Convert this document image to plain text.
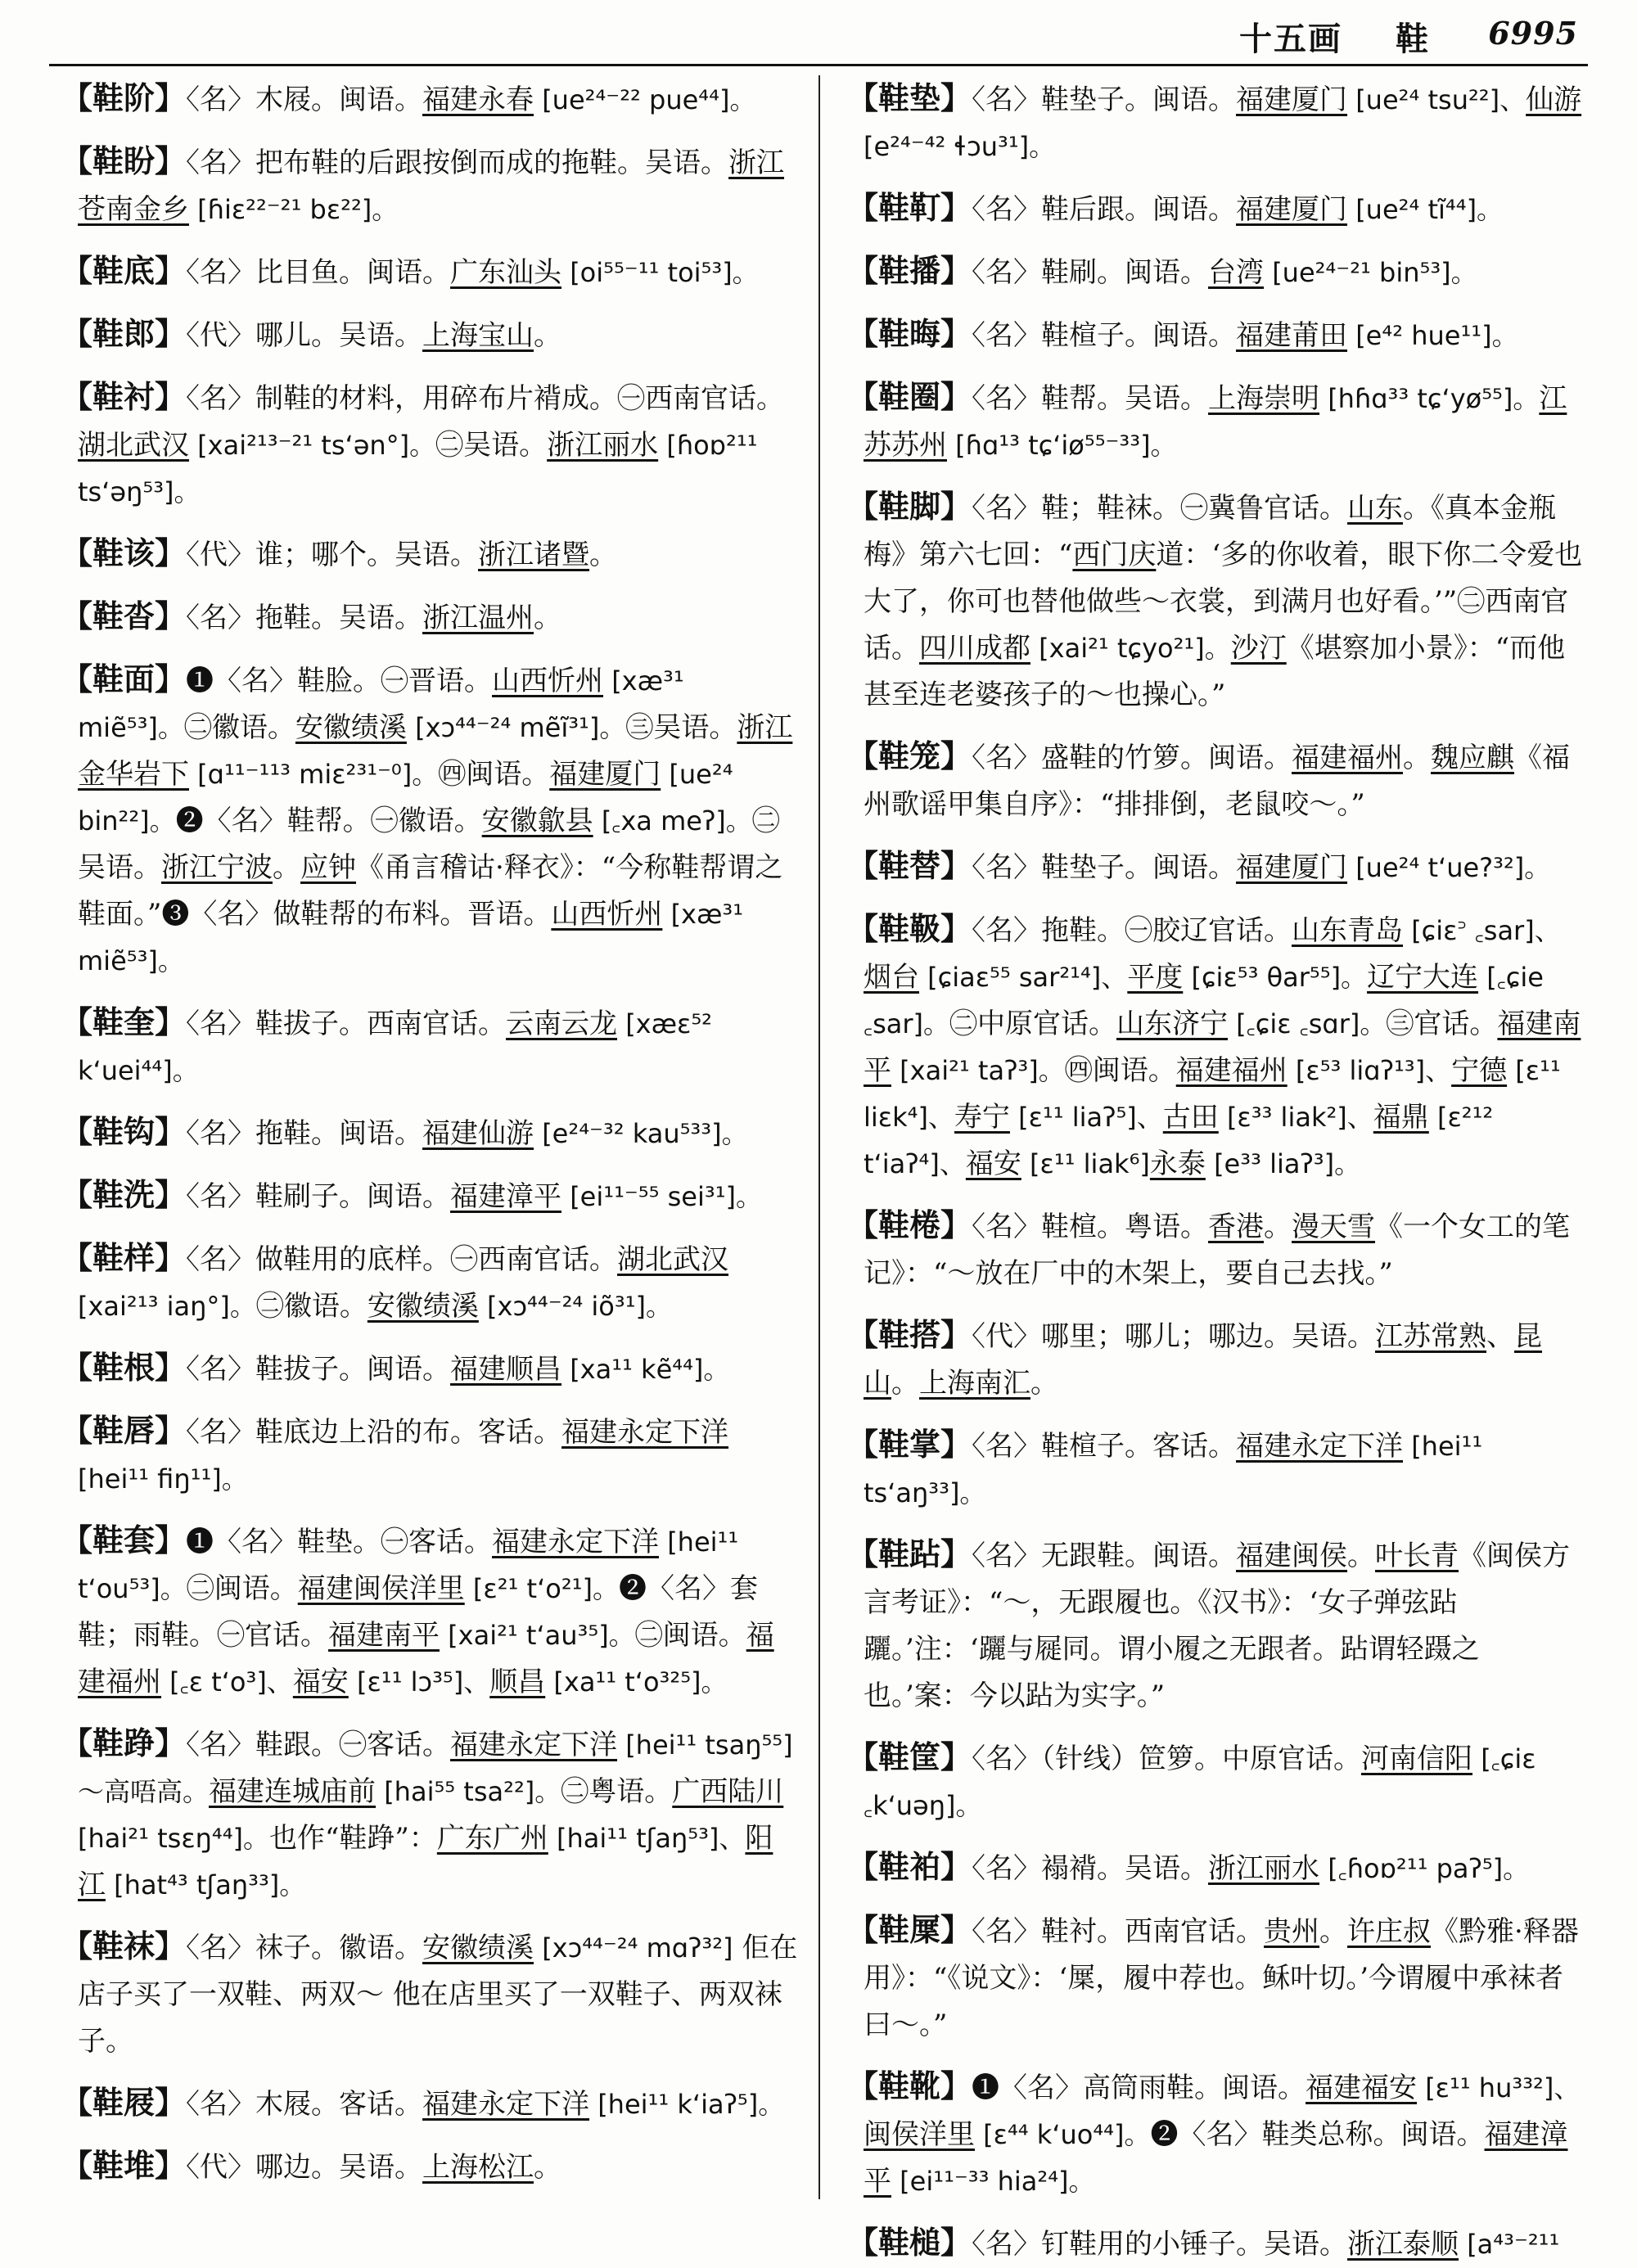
十五画 鞋 6995

【鞋阶】〈名〉木屐。闽语。福建永春 [ue²⁴⁻²² pue⁴⁴]。

【鞋盼】〈名〉把布鞋的后跟按倒而成的拖鞋。吴语。浙江苍南金乡 [ɦiɛ²²⁻²¹ bɛ²²]。

【鞋底】〈名〉比目鱼。闽语。广东汕头 [oi⁵⁵⁻¹¹ toi⁵³]。

【鞋郎】〈代〉哪儿。吴语。上海宝山。

【鞋衬】〈名〉制鞋的材料，用碎布片褙成。㊀西南官话。湖北武汉 [xai²¹³⁻²¹ ts‘ən°]。㊁吴语。浙江丽水 [ɦoɒ²¹¹ ts‘əŋ⁵³]。

【鞋该】〈代〉谁；哪个。吴语。浙江诸暨。

【鞋沓】〈名〉拖鞋。吴语。浙江温州。

【鞋面】❶〈名〉鞋脸。㊀晋语。山西忻州 [xæ³¹ miẽ⁵³]。㊁徽语。安徽绩溪 [xɔ⁴⁴⁻²⁴ mẽĩ³¹]。㊂吴语。浙江金华岩下 [ɑ¹¹⁻¹¹³ miɛ²³¹⁻⁰]。㊃闽语。福建厦门 [ue²⁴ bin²²]。❷〈名〉鞋帮。㊀徽语。安徽歙县 [꜀xa meʔ]。㊁吴语。浙江宁波。应钟《甬言稽诂·释衣》：“今称鞋帮谓之鞋面。”❸〈名〉做鞋帮的布料。晋语。山西忻州 [xæ³¹ miẽ⁵³]。

【鞋奎】〈名〉鞋拔子。西南官话。云南云龙 [xæɛ⁵² k‘uei⁴⁴]。

【鞋钩】〈名〉拖鞋。闽语。福建仙游 [e²⁴⁻³² kau⁵³³]。

【鞋洗】〈名〉鞋刷子。闽语。福建漳平 [ei¹¹⁻⁵⁵ sei³¹]。

【鞋样】〈名〉做鞋用的底样。㊀西南官话。湖北武汉 [xai²¹³ iaŋ°]。㊁徽语。安徽绩溪 [xɔ⁴⁴⁻²⁴ iõ³¹]。

【鞋根】〈名〉鞋拔子。闽语。福建顺昌 [xa¹¹ kẽ⁴⁴]。

【鞋唇】〈名〉鞋底边上沿的布。客话。福建永定下洋 [hei¹¹ fiŋ¹¹]。

【鞋套】❶〈名〉鞋垫。㊀客话。福建永定下洋 [hei¹¹ t‘ou⁵³]。㊁闽语。福建闽侯洋里 [ɛ²¹ t‘o²¹]。❷〈名〉套鞋；雨鞋。㊀官话。福建南平 [xai²¹ t‘au³⁵]。㊁闽语。福建福州 [꜀ɛ t‘o³]、福安 [ɛ¹¹ lɔ³⁵]、顺昌 [xa¹¹ t‘o³²⁵]。

【鞋踭】〈名〉鞋跟。㊀客话。福建永定下洋 [hei¹¹ tsaŋ⁵⁵] ～高唔高。福建连城庙前 [hai⁵⁵ tsa²²]。㊁粤语。广西陆川 [hai²¹ tsɛŋ⁴⁴]。也作“鞋踭”：广东广州 [hai¹¹ tʃaŋ⁵³]、阳江 [hat⁴³ tʃaŋ³³]。

【鞋袜】〈名〉袜子。徽语。安徽绩溪 [xɔ⁴⁴⁻²⁴ mɑʔ³²] 佢在店子买了一双鞋、两双～ 他在店里买了一双鞋子、两双袜子。

【鞋屐】〈名〉木屐。客话。福建永定下洋 [hei¹¹ k‘iaʔ⁵]。

【鞋堆】〈代〉哪边。吴语。上海松江。

【鞋垫】〈名〉鞋垫子。闽语。福建厦门 [ue²⁴ tsu²²]、仙游 [e²⁴⁻⁴² ɬɔu³¹]。

【鞋靪】〈名〉鞋后跟。闽语。福建厦门 [ue²⁴ tĩ⁴⁴]。

【鞋播】〈名〉鞋刷。闽语。台湾 [ue²⁴⁻²¹ bin⁵³]。

【鞋晦】〈名〉鞋楦子。闽语。福建莆田 [e⁴² hue¹¹]。

【鞋圈】〈名〉鞋帮。吴语。上海崇明 [hɦɑ³³ tɕ‘yø⁵⁵]。江苏苏州 [ɦɑ¹³ tɕ‘iø⁵⁵⁻³³]。

【鞋脚】〈名〉鞋；鞋袜。㊀冀鲁官话。山东。《真本金瓶梅》第六七回：“西门庆道：‘多的你收着，眼下你二令爱也大了，你可也替他做些～衣裳，到满月也好看。’”㊁西南官话。四川成都 [xai²¹ tɕyo²¹]。沙汀《堪察加小景》：“而他甚至连老婆孩子的～也操心。”

【鞋笼】〈名〉盛鞋的竹箩。闽语。福建福州。魏应麒《福州歌谣甲集自序》：“排排倒，老鼠咬～。”

【鞋替】〈名〉鞋垫子。闽语。福建厦门 [ue²⁴ t‘ue?³²]。

【鞋靸】〈名〉拖鞋。㊀胶辽官话。山东青岛 [ɕiɛ꜄ ꜀sar]、烟台 [ɕiaɛ⁵⁵ sar²¹⁴]、平度 [ɕiɛ⁵³ θar⁵⁵]。辽宁大连 [꜀ɕie ꜀sar]。㊁中原官话。山东济宁 [꜀ɕiɛ ꜀sɑr]。㊂官话。福建南平 [xai²¹ taʔ³]。㊃闽语。福建福州 [ɛ⁵³ liɑʔ¹³]、宁德 [ɛ¹¹ liɛk⁴]、寿宁 [ɛ¹¹ liaʔ⁵]、古田 [ɛ³³ liak²]、福鼎 [ɛ²¹² t‘iaʔ⁴]、福安 [ɛ¹¹ liak⁶]永泰 [e³³ liaʔ³]。

【鞋棬】〈名〉鞋楦。粤语。香港。漫天雪《一个女工的笔记》：“～放在厂中的木架上，要自己去找。”

【鞋搭】〈代〉哪里；哪儿；哪边。吴语。江苏常熟、昆山。上海南汇。

【鞋掌】〈名〉鞋楦子。客话。福建永定下洋 [hei¹¹ ts‘aŋ³³]。

【鞋跕】〈名〉无跟鞋。闽语。福建闽侯。叶长青《闽侯方言考证》：“～，无跟履也。《汉书》：‘女子弹弦跕躧。’注：‘躧与屣同。谓小履之无跟者。跕谓轻蹑之也。’案：今以跕为实字。”

【鞋筐】〈名〉（针线）笸箩。中原官话。河南信阳 [꜀ɕiɛ ꜀k‘uəŋ]。

【鞋袙】〈名〉褟褙。吴语。浙江丽水 [꜀ɦoɒ²¹¹ paʔ⁵]。

【鞋屟】〈名〉鞋衬。西南官话。贵州。许庄叔《黔雅·释器用》：“《说文》：‘屟，履中荐也。稣叶切。’今谓履中承袜者曰～。”

【鞋靴】❶〈名〉高筒雨鞋。闽语。福建福安 [ɛ¹¹ hu³³²]、闽侯洋里 [ɛ⁴⁴ k‘uo⁴⁴]。❷〈名〉鞋类总称。闽语。福建漳平 [ei¹¹⁻³³ hia²⁴]。

【鞋槌】〈名〉钉鞋用的小锤子。吴语。浙江泰顺 [a⁴³⁻²¹¹
